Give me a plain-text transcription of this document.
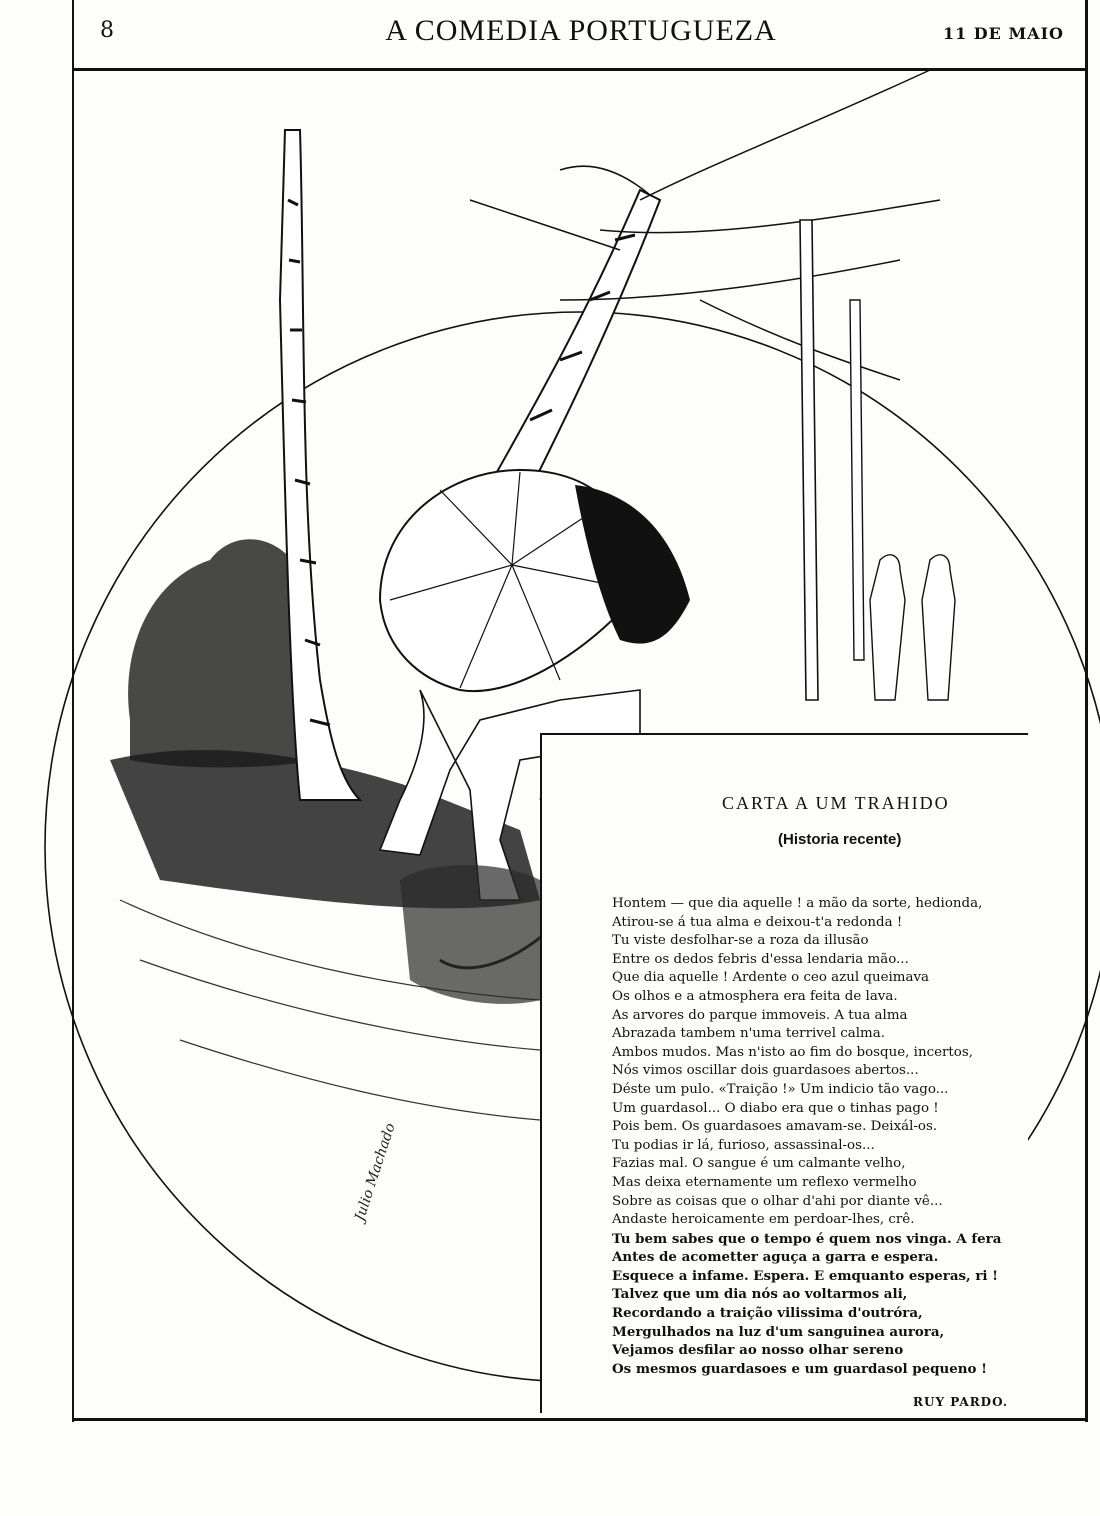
8	A COMEDIA PORTUGUEZA	11 DE MAIO
Julio Machado
CARTA A UM TRAHIDO
(Historia recente)
Hontem — que dia aquelle ! a mão da sorte, hedionda,
Atirou-se á tua alma e deixou-t'a redonda !
Tu viste desfolhar-se a roza da illusão
Entre os dedos febris d'essa lendaria mão...
Que dia aquelle ! Ardente o ceo azul queimava
Os olhos e a atmosphera era feita de lava.
As arvores do parque immoveis. A tua alma
Abrazada tambem n'uma terrivel calma.
Ambos mudos. Mas n'isto ao fim do bosque, incertos,
Nós vimos oscillar dois guardasoes abertos...
Déste um pulo. «Traição !» Um indicio tão vago...
Um guardasol... O diabo era que o tinhas pago !
Pois bem. Os guardasoes amavam-se. Deixál-os.
Tu podias ir lá, furioso, assassinal-os...
Fazias mal. O sangue é um calmante velho,
Mas deixa eternamente um reflexo vermelho
Sobre as coisas que o olhar d'ahi por diante vê...
Andaste heroicamente em perdoar-lhes, crê.
Tu bem sabes que o tempo é quem nos vinga. A fera
Antes de acometter aguça a garra e espera.
Esquece a infame. Espera. E emquanto esperas, ri !
Talvez que um dia nós ao voltarmos ali,
Recordando a traição vilissima d'outróra,
Mergulhados na luz d'um sanguinea aurora,
Vejamos desfilar ao nosso olhar sereno
Os mesmos guardasoes e um guardasol pequeno !
RUY PARDO.
